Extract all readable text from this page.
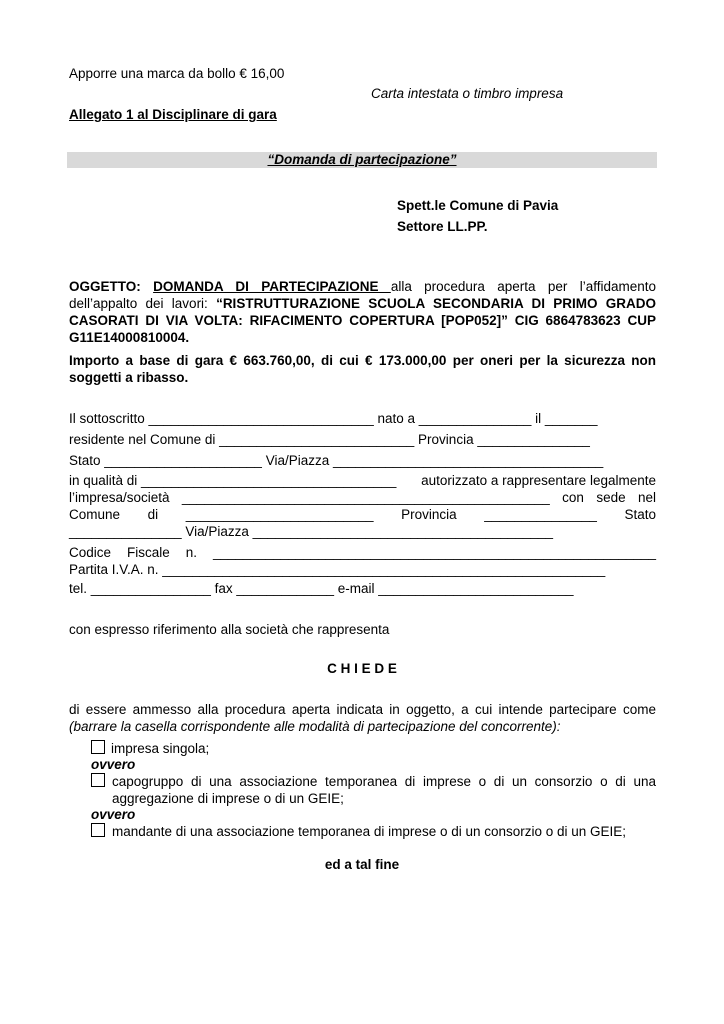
Apporre una marca da bollo € 16,00
Carta intestata o timbro impresa
Allegato 1 al Disciplinare di gara
“Domanda di partecipazione”
Spett.le Comune di Pavia
Settore LL.PP.
OGGETTO: DOMANDA DI PARTECIPAZIONE alla procedura aperta per l’affidamento dell’appalto dei lavori: “RISTRUTTURAZIONE SCUOLA SECONDARIA DI PRIMO GRADO CASORATI DI VIA VOLTA: RIFACIMENTO COPERTURA [POP052]” CIG 6864783623 CUP G11E14000810004.
Importo a base di gara € 663.760,00, di cui € 173.000,00 per oneri per la sicurezza non soggetti a ribasso.
Il sottoscritto ______________________________ nato a _______________ il _______
residente nel Comune di __________________________ Provincia _______________
Stato _____________________ Via/Piazza ____________________________________
in qualità di __________________________________ autorizzato a rappresentare legalmente
l’impresa/società _________________________________________________ con sede nel
Comune di _________________________ Provincia _______________ Stato
_______________ Via/Piazza ________________________________________
Codice Fiscale n. ___________________________________________________________
Partita I.V.A. n. ___________________________________________________________
tel. ________________ fax _____________ e-mail __________________________
con espresso riferimento alla società che rappresenta
C H I E D E
di essere ammesso alla procedura aperta indicata in oggetto, a cui intende partecipare come (barrare la casella corrispondente alle modalità di partecipazione del concorrente):
impresa singola;
ovvero
capogruppo di una associazione temporanea di imprese o di un consorzio o di una aggregazione di imprese o di un GEIE;
ovvero
mandante di una associazione temporanea di imprese o di un consorzio o di un GEIE;
ed a tal fine
